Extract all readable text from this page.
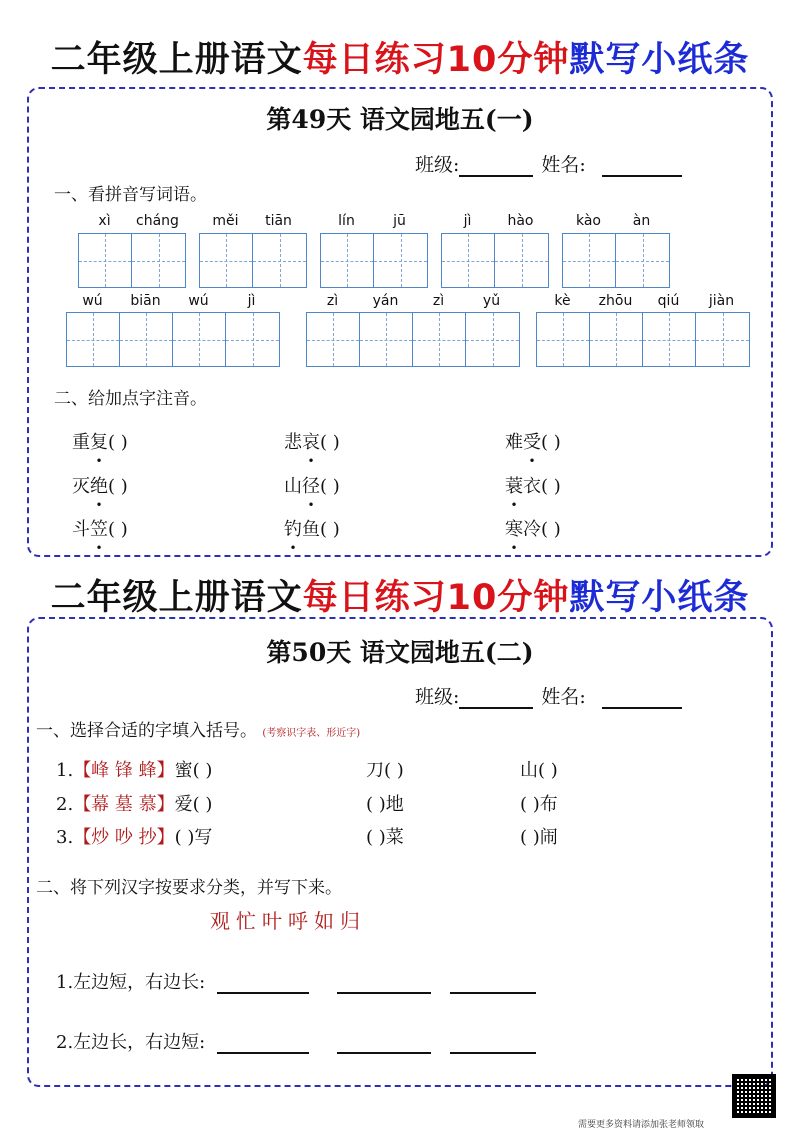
二年级上册语文每日练习10分钟默写小纸条
第49天 语文园地五(一)
班级:	姓名:
一、看拼音写词语。
xì	cháng	měi	tiān	lín	jū	jì	hào	kào	àn
wú	biān	wú	jì	zì	yán	zì	yǔ	kè	zhōu	qiú	jiàn
二、给加点字注音。
重复( )	悲哀( )	难受( )
灭绝( )	山径( )	蓑衣( )
斗笠( )	钓鱼( )	寒冷( )
二年级上册语文每日练习10分钟默写小纸条
第50天 语文园地五(二)
班级:	姓名:
一、选择合适的字填入括号。 (考察识字表、形近字)
1.【峰 锋 蜂】蜜( )	刀( )	山( )
2.【幕 墓 慕】爱( )	( )地	( )布
3.【炒 吵 抄】( )写	( )菜	( )闹
二、将下列汉字按要求分类，并写下来。
观忙叶呼如归
1.左边短，右边长:
2.左边长，右边短:
需要更多资料请添加张老师领取
